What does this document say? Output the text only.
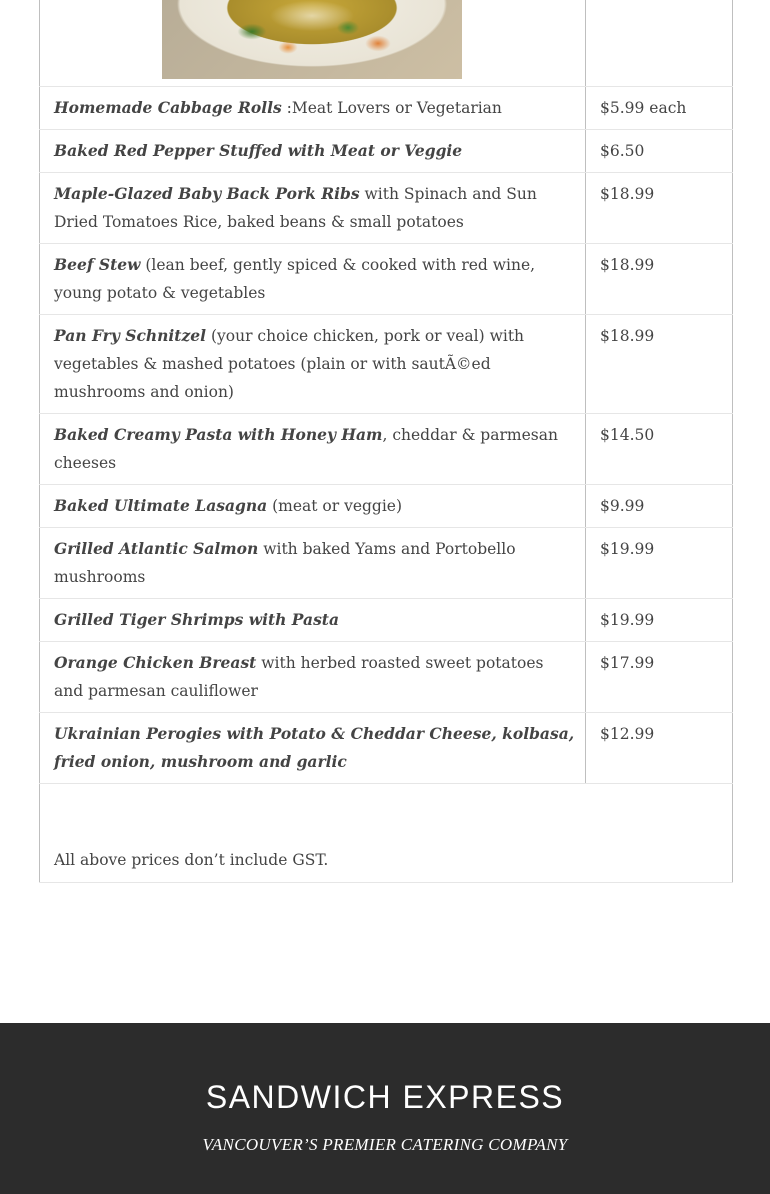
Homemade Cabbage Rolls :Meat Lovers or Vegetarian	$5.99 each
Baked Red Pepper Stuffed with Meat or Veggie	$6.50
Maple-Glazed Baby Back Pork Ribs with Spinach and Sun Dried Tomatoes Rice, baked beans & small potatoes	$18.99
Beef Stew (lean beef, gently spiced & cooked with red wine, young potato & vegetables	$18.99
Pan Fry Schnitzel (your choice chicken, pork or veal) with vegetables & mashed potatoes (plain or with sautÃ©ed mushrooms and onion)	$18.99
Baked Creamy Pasta with Honey Ham, cheddar & parmesan cheeses	$14.50
Baked Ultimate Lasagna (meat or veggie)	$9.99
Grilled Atlantic Salmon with baked Yams and Portobello mushrooms	$19.99
Grilled Tiger Shrimps with Pasta	$19.99
Orange Chicken Breast with herbed roasted sweet potatoes and parmesan cauliflower	$17.99
Ukrainian Perogies with Potato & Cheddar Cheese, kolbasa, fried onion, mushroom and garlic	$12.99
All above prices don’t include GST.	
SANDWICH EXPRESS
VANCOUVER’S PREMIER CATERING COMPANY
